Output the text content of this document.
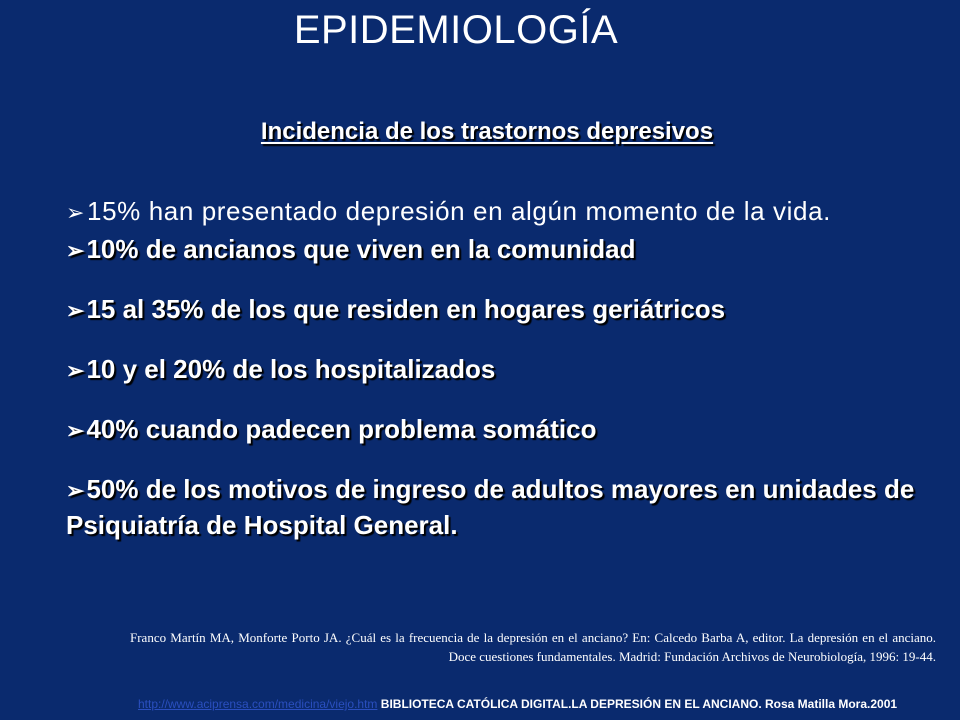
EPIDEMIOLOGÍA
Incidencia de los trastornos depresivos
➢15% han presentado depresión en algún momento de la vida.
➢10% de ancianos que viven en la comunidad
➢15 al 35% de los que residen en hogares geriátricos
➢10 y el 20% de los hospitalizados
➢40% cuando padecen problema somático
➢50% de los motivos de ingreso de adultos mayores en unidades de Psiquiatría de Hospital General.
Franco Martín MA, Monforte Porto JA. ¿Cuál es la frecuencia de la depresión en el anciano? En: Calcedo Barba A, editor. La depresión en el anciano. Doce cuestiones fundamentales. Madrid: Fundación Archivos de Neurobiología, 1996: 19-44.
http://www.aciprensa.com/medicina/viejo.htm BIBLIOTECA CATÓLICA DIGITAL.LA DEPRESIÓN EN EL ANCIANO. Rosa Matilla Mora.2001
